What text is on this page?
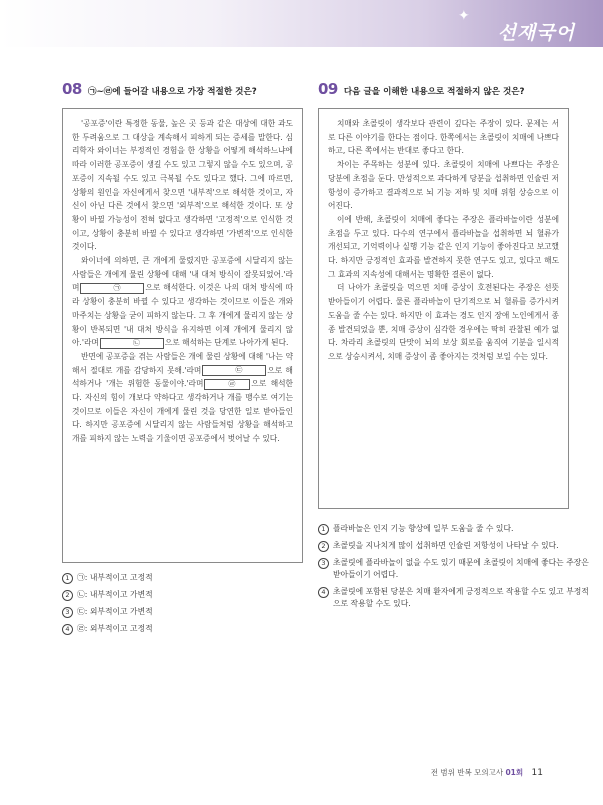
✦
선재국어
08 ㉠~㉣에 들어갈 내용으로 가장 적절한 것은?

'공포증'이란 특정한 동물, 높은 곳 등과 같은 대상에 대한 과도한 두려움으로 그 대상을 계속해서 피하게 되는 증세를 말한다. 심리학자 와이너는 부정적인 경험을 한 상황을 어떻게 해석하느냐에 따라 이러한 공포증이 생길 수도 있고 그렇지 않을 수도 있으며, 공포증이 지속될 수도 있고 극복될 수도 있다고 했다. 그에 따르면, 상황의 원인을 자신에게서 찾으면 '내부적'으로 해석한 것이고, 자신이 아닌 다른 것에서 찾으면 '외부적'으로 해석한 것이다. 또 상황이 바뀔 가능성이 전혀 없다고 생각하면 '고정적'으로 인식한 것이고, 상황이 충분히 바뀔 수 있다고 생각하면 '가변적'으로 인식한 것이다.

와이너에 의하면, 큰 개에게 물렸지만 공포증에 시달리지 않는 사람들은 개에게 물린 상황에 대해 '내 대처 방식이 잘못되었어.'라며	㉠	으로 해석한다. 이것은 나의 대처 방식에 따라 상황이 충분히 바뀔 수 있다고 생각하는 것이므로 이들은 개와 마주치는 상황을 굳이 피하지 않는다. 그 후 개에게 물리지 않는 상황이 반복되면 '내 대처 방식을 유지하면 이제 개에게 물리지 않아.'라며	㉡	으로 해석하는 단계로 나아가게 된다.

반면에 공포증을 겪는 사람들은 개에 물린 상황에 대해 '나는 약해서 절대로 개를 감당하지 못해.'라며	㉢	으로 해석하거나 '개는 위험한 동물이야.'라며	㉣ 으로 해석한다. 자신의 힘이 개보다 약하다고 생각하거나 개를 맹수로 여기는 것이므로 이들은 자신이 개에게 물린 것을 당연한 일로 받아들인다. 하지만 공포증에 시달리지 않는 사람들처럼 상황을 해석하고 개를 피하지 않는 노력을 기울이면 공포증에서 벗어날 수 있다.

1 ㉠: 내부적이고 고정적
2 ㉡: 내부적이고 가변적
3 ㉢: 외부적이고 가변적
4 ㉣: 외부적이고 고정적
09 다음 글을 이해한 내용으로 적절하지 않은 것은?

치매와 초콜릿이 생각보다 관련이 깊다는 주장이 있다. 문제는 서로 다른 이야기를 한다는 점이다. 한쪽에서는 초콜릿이 치매에 나쁘다 하고, 다른 쪽에서는 반대로 좋다고 한다.

차이는 주목하는 성분에 있다. 초콜릿이 치매에 나쁘다는 주장은 당분에 초점을 둔다. 만성적으로 과다하게 당분을 섭취하면 인슐린 저항성이 증가하고 결과적으로 뇌 기능 저하 및 치매 위험 상승으로 이어진다.

이에 반해, 초콜릿이 치매에 좋다는 주장은 플라바놀이란 성분에 초점을 두고 있다. 다수의 연구에서 플라바놀을 섭취하면 뇌 혈류가 개선되고, 기억력이나 실행 기능 같은 인지 기능이 좋아진다고 보고했다. 하지만 긍정적인 효과를 발견하지 못한 연구도 있고, 있다고 해도 그 효과의 지속성에 대해서는 명확한 결론이 없다.

더 나아가 초콜릿을 먹으면 치매 증상이 호전된다는 주장은 선뜻 받아들이기 어렵다. 물론 플라바놀이 단기적으로 뇌 혈류를 증가시켜 도움을 줄 수는 있다. 하지만 이 효과는 경도 인지 장애 노인에게서 종종 발견되었을 뿐, 치매 증상이 심각한 경우에는 딱히 관찰된 예가 없다. 차라리 초콜릿의 단맛이 뇌의 보상 회로를 움직여 기분을 일시적으로 상승시켜서, 치매 증상이 좀 좋아지는 것처럼 보일 수는 있다.

1 플라바놀은 인지 기능 향상에 일부 도움을 줄 수 있다.
2 초콜릿을 지나치게 많이 섭취하면 인슐린 저항성이 나타날 수 있다.
3 초콜릿에 플라바놀이 없을 수도 있기 때문에 초콜릿이 치매에 좋다는 주장은 받아들이기 어렵다.
4 초콜릿에 포함된 당분은 치매 환자에게 긍정적으로 작용할 수도 있고 부정적으로 작용할 수도 있다.
전 범위 반복 모의고사 01회 11
